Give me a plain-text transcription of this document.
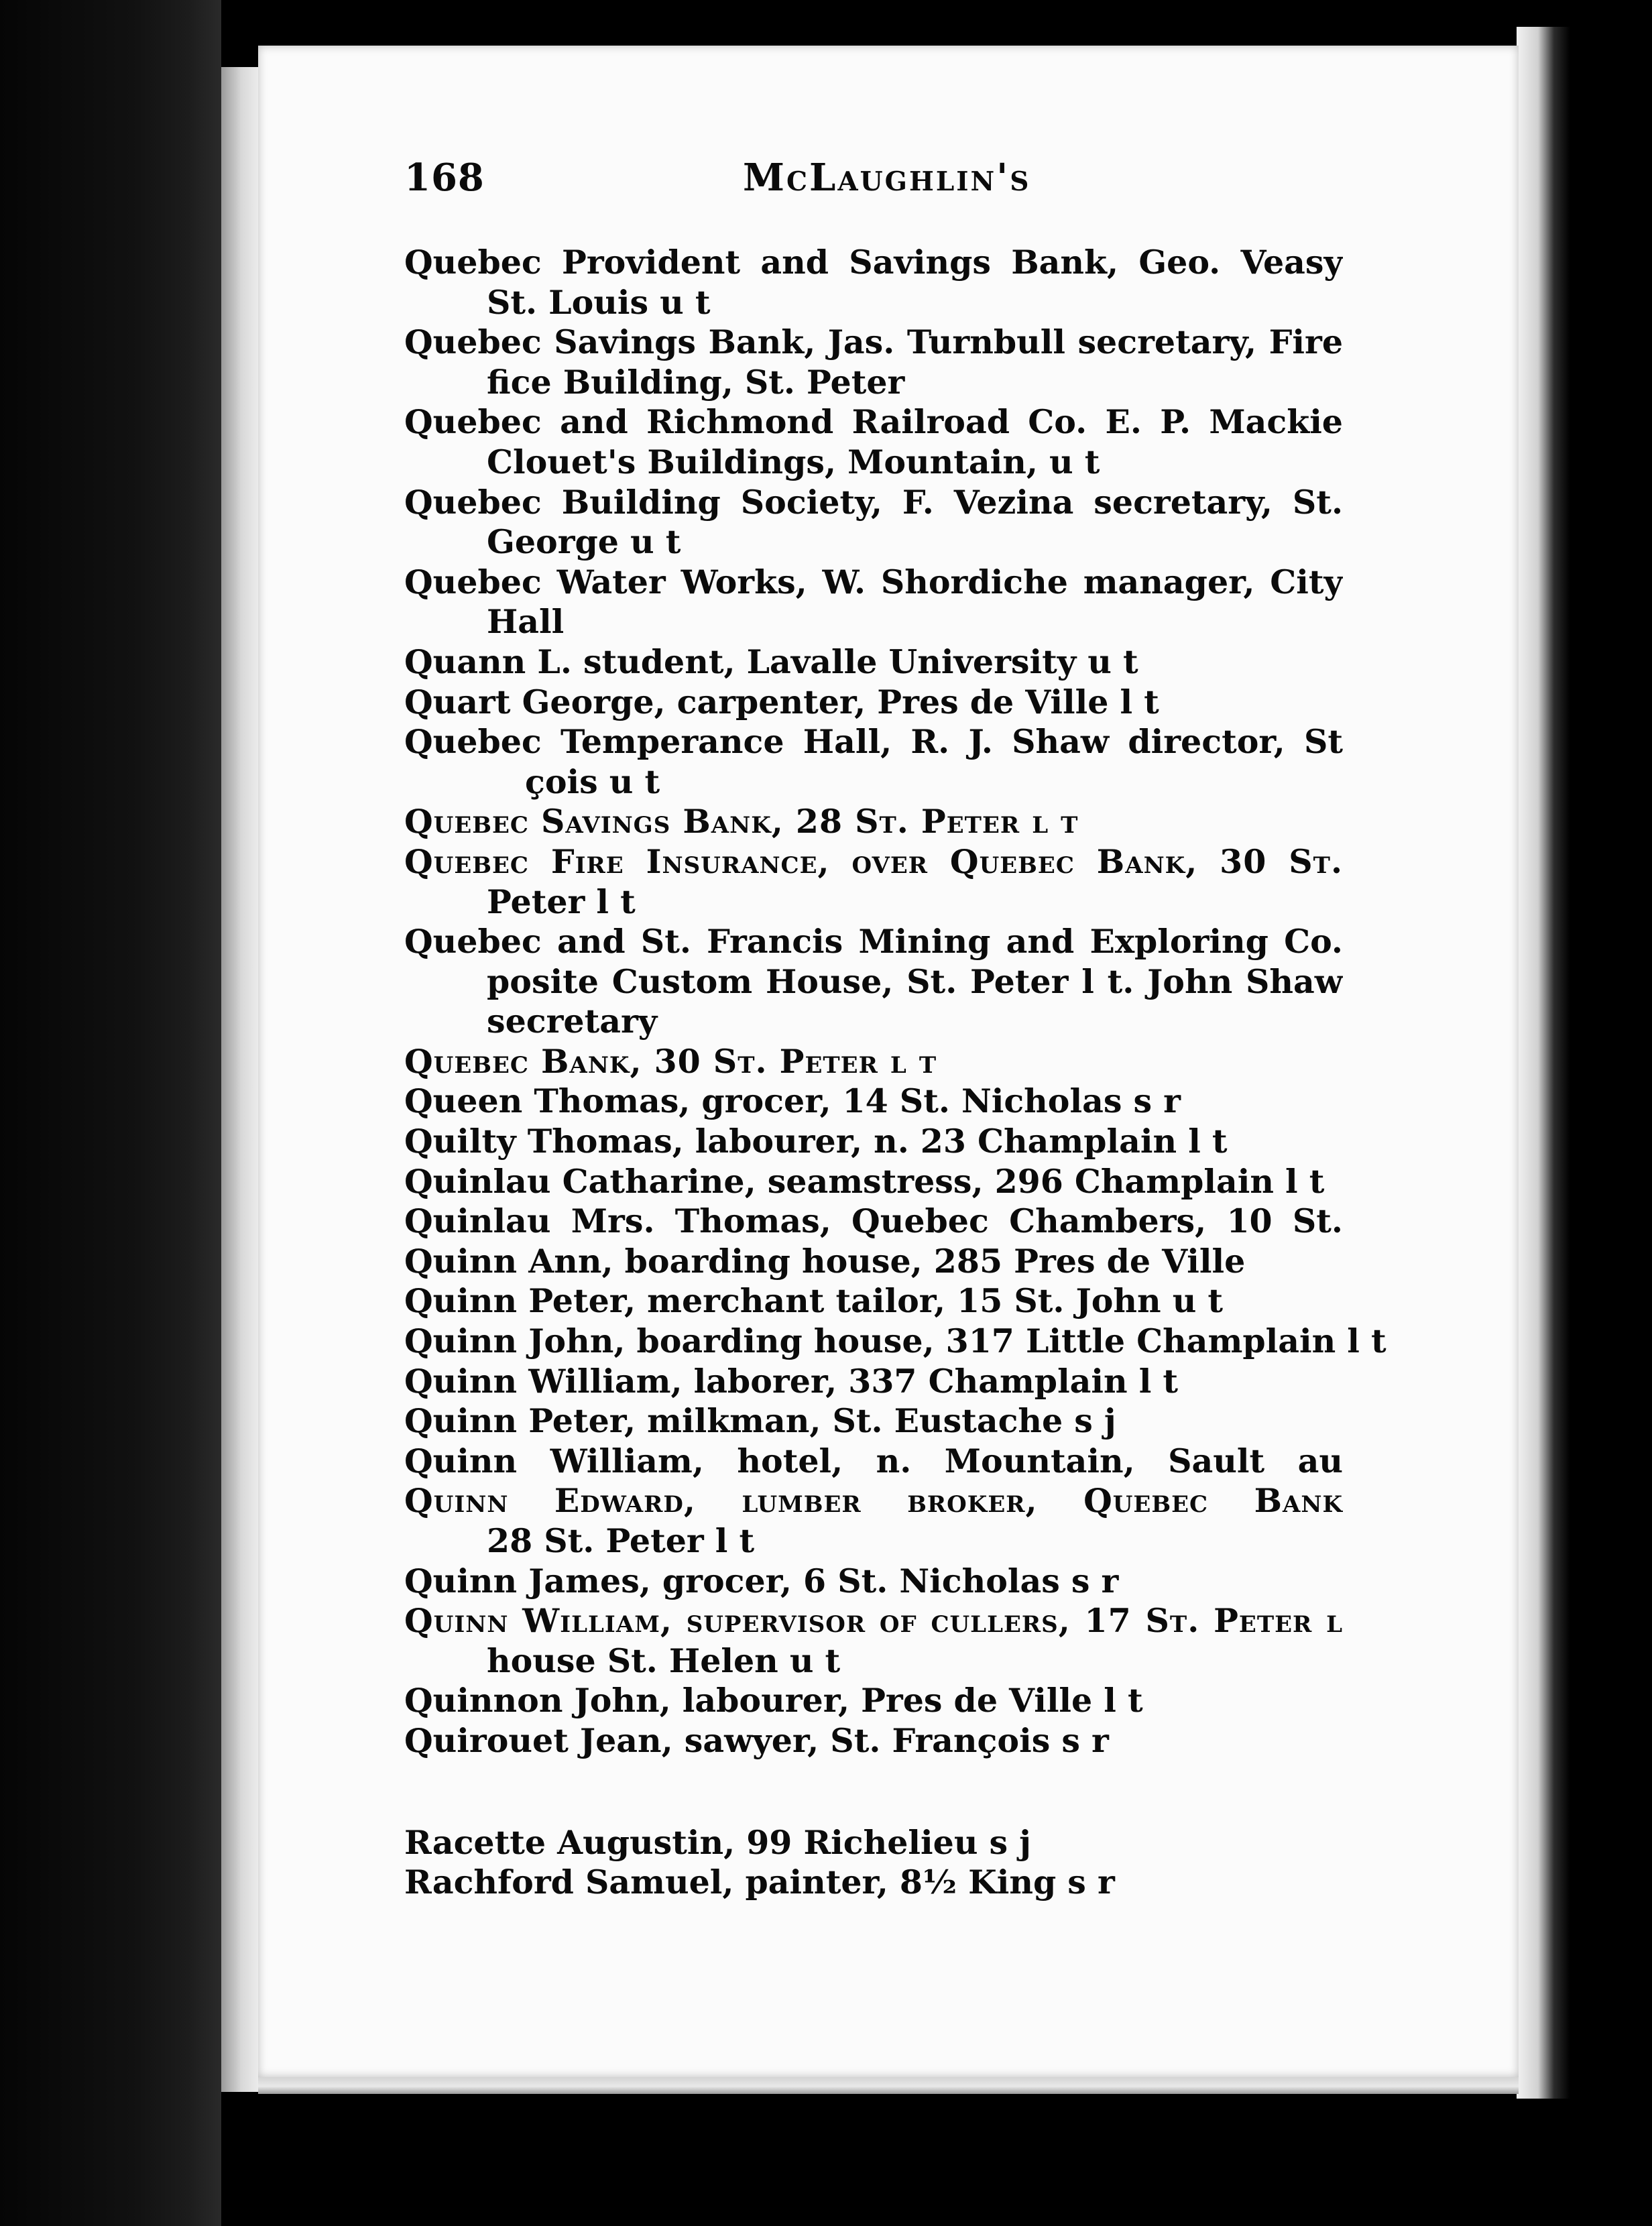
168	McLaughlin's
Quebec Provident and Savings Bank, Geo. Veasy
St. Louis u t
Quebec Savings Bank, Jas. Turnbull secretary, Fire
fice Building, St. Peter
Quebec and Richmond Railroad Co. E. P. Mackie
Clouet's Buildings, Mountain, u t
Quebec Building Society, F. Vezina secretary, St.
George u t
Quebec Water Works, W. Shordiche manager, City
Hall
Quann L. student, Lavalle University u t
Quart George, carpenter, Pres de Ville l t
Quebec Temperance Hall, R. J. Shaw director, St
çois u t
Quebec Savings Bank, 28 St. Peter l t
Quebec Fire Insurance, over Quebec Bank, 30 St.
Peter l t
Quebec and St. Francis Mining and Exploring Co.
posite Custom House, St. Peter l t. John Shaw
secretary
Quebec Bank, 30 St. Peter l t
Queen Thomas, grocer, 14 St. Nicholas s r
Quilty Thomas, labourer, n. 23 Champlain l t
Quinlau Catharine, seamstress, 296 Champlain l t
Quinlau Mrs. Thomas, Quebec Chambers, 10 St.
Quinn Ann, boarding house, 285 Pres de Ville
Quinn Peter, merchant tailor, 15 St. John u t
Quinn John, boarding house, 317 Little Champlain l t
Quinn William, laborer, 337 Champlain l t
Quinn Peter, milkman, St. Eustache s j
Quinn William, hotel, n. Mountain, Sault au
Quinn Edward, lumber broker, Quebec Bank
28 St. Peter l t
Quinn James, grocer, 6 St. Nicholas s r
Quinn William, supervisor of cullers, 17 St. Peter l
house St. Helen u t
Quinnon John, labourer, Pres de Ville l t
Quirouet Jean, sawyer, St. François s r
Racette Augustin, 99 Richelieu s j
Rachford Samuel, painter, 8½ King s r
